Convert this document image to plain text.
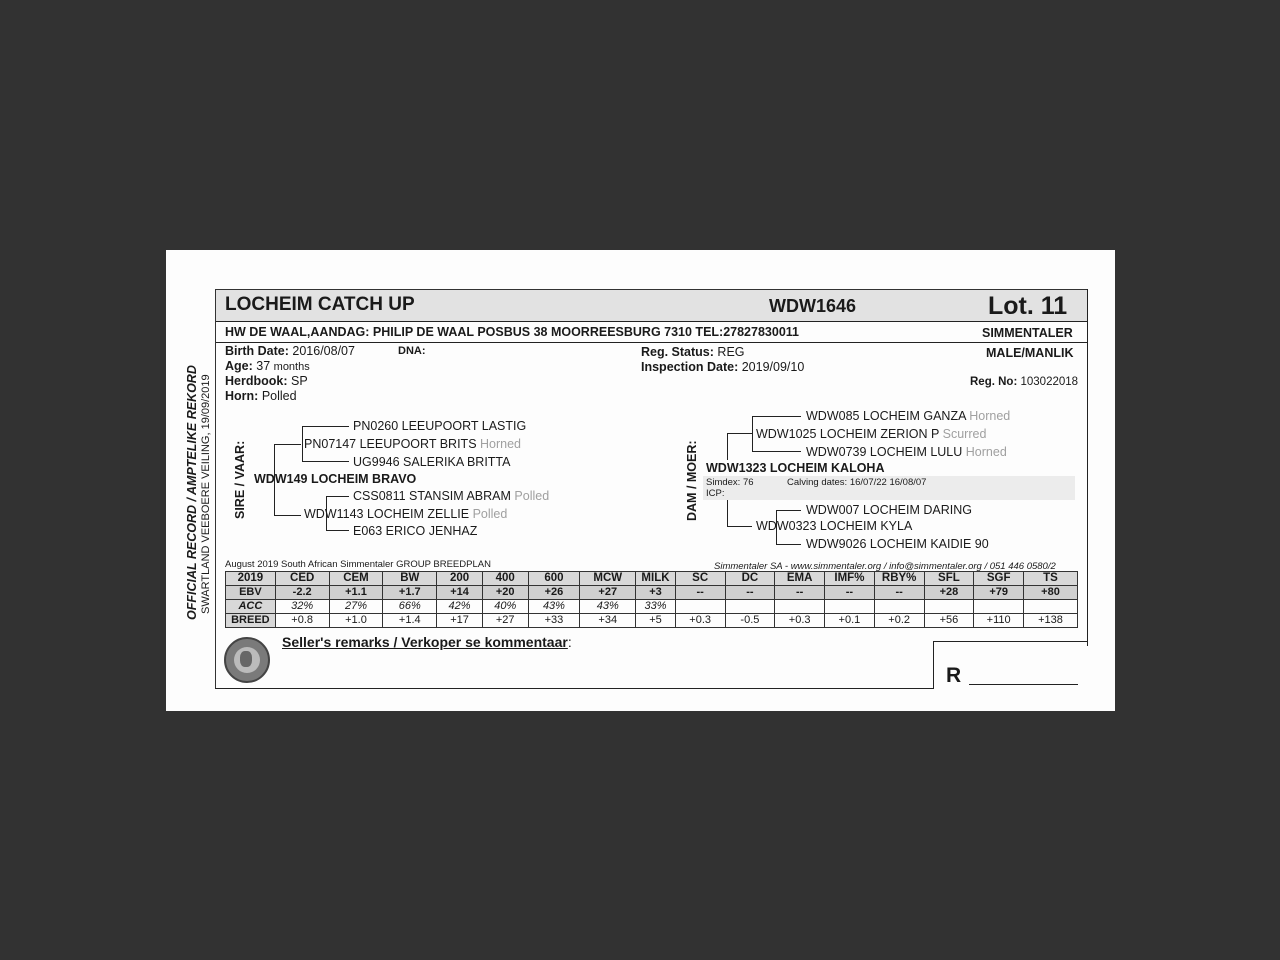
OFFICIAL RECORD / AMPTELIKE REKORD SWARTLAND VEEBOERE VEILING, 19/09/2019
LOCHEIM CATCH UP	WDW1646	Lot. 11
HW DE WAAL,AANDAG: PHILIP DE WAAL POSBUS 38 MOORREESBURG 7310 TEL:27827830011	SIMMENTALER
Birth Date: 2016/08/07	DNA:
Age: 37 months
Herdbook: SP
Horn: Polled
Reg. Status: REG
Inspection Date: 2019/09/10
MALE/MANLIK
Reg. No: 103022018
SIRE / VAAR:
PN0260 LEEUPOORT LASTIG
PN07147 LEEUPOORT BRITS Horned
UG9946 SALERIKA BRITTA
WDW149 LOCHEIM BRAVO
CSS0811 STANSIM ABRAM Polled
WDW1143 LOCHEIM ZELLIE Polled
E063 ERICO JENHAZ
DAM / MOER:
WDW085 LOCHEIM GANZA Horned
WDW1025 LOCHEIM ZERION P Scurred
WDW0739 LOCHEIM LULU Horned
WDW1323 LOCHEIM KALOHA
Simdex: 76	Calving dates: 16/07/22 16/08/07
ICP:
WDW007 LOCHEIM DARING
WDW0323 LOCHEIM KYLA
WDW9026 LOCHEIM KAIDIE 90
August 2019 South African Simmentaler GROUP BREEDPLAN	Simmentaler SA - www.simmentaler.org / info@simmentaler.org / 051 446 0580/2
2019	CED	CEM	BW	200	400	600	MCW	MILK	SC	DC	EMA	IMF%	RBY%	SFL	SGF	TS
EBV	-2.2	+1.1	+1.7	+14	+20	+26	+27	+3	--	--	--	--	--	+28	+79	+80
ACC	32%	27%	66%	42%	40%	43%	43%	33%								
BREED	+0.8	+1.0	+1.4	+17	+27	+33	+34	+5	+0.3	-0.5	+0.3	+0.1	+0.2	+56	+110	+138
Seller's remarks / Verkoper se kommentaar:
R
